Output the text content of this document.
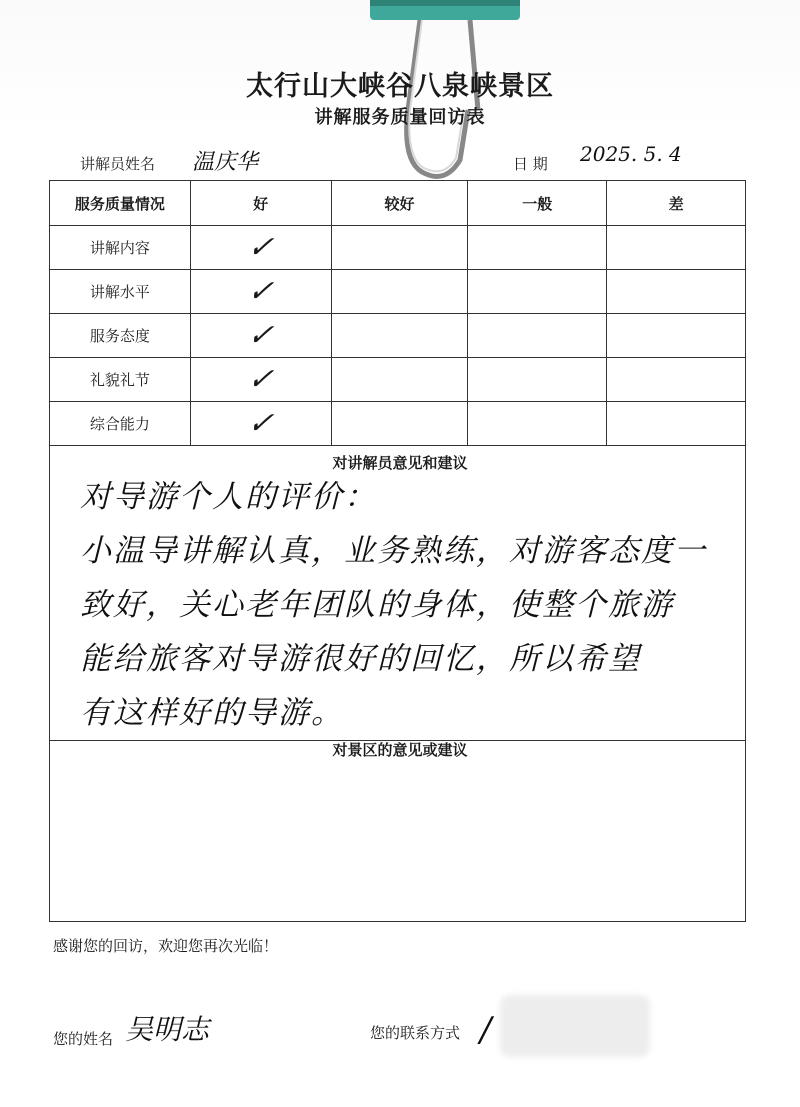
太行山大峡谷八泉峡景区
讲解服务质量回访表
讲解员姓名 温庆华	日 期 2025. 5. 4
服务质量情况	好	较好	一般	差
讲解内容	✓			
讲解水平	✓			
服务态度	✓			
礼貌礼节	✓			
综合能力	✓			
对讲解员意见和建议
对导游个人的评价：
小温导讲解认真，业务熟练，对游客态度一
致好，关心老年团队的身体，使整个旅游
能给旅客对导游很好的回忆，所以希望
有这样好的导游。
对景区的意见或建议
感谢您的回访，欢迎您再次光临！
您的姓名 吴明志	您的联系方式 /
